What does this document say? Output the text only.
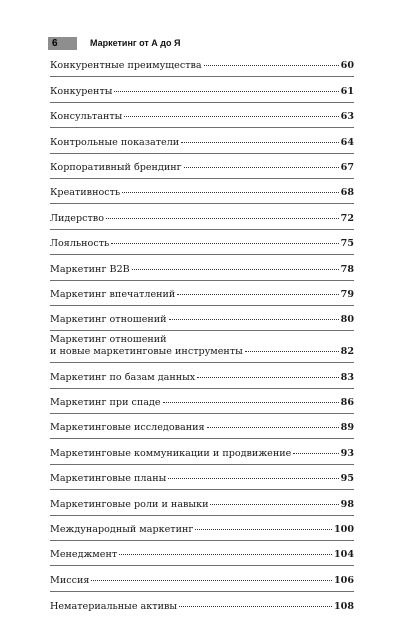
6	Маркетинг от А до Я
Конкурентные преимущества	60
Конкуренты	61
Консультанты	63
Контрольные показатели	64
Корпоративный брендинг	67
Креативность	68
Лидерство	72
Лояльность	75
Маркетинг B2B	78
Маркетинг впечатлений	79
Маркетинг отношений	80
Маркетинг отношений
и новые маркетинговые инструменты	82
Маркетинг по базам данных	83
Маркетинг при спаде	86
Маркетинговые исследования	89
Маркетинговые коммуникации и продвижение	93
Маркетинговые планы	95
Маркетинговые роли и навыки	98
Международный маркетинг	100
Менеджмент	104
Миссия	106
Нематериальные активы	108
